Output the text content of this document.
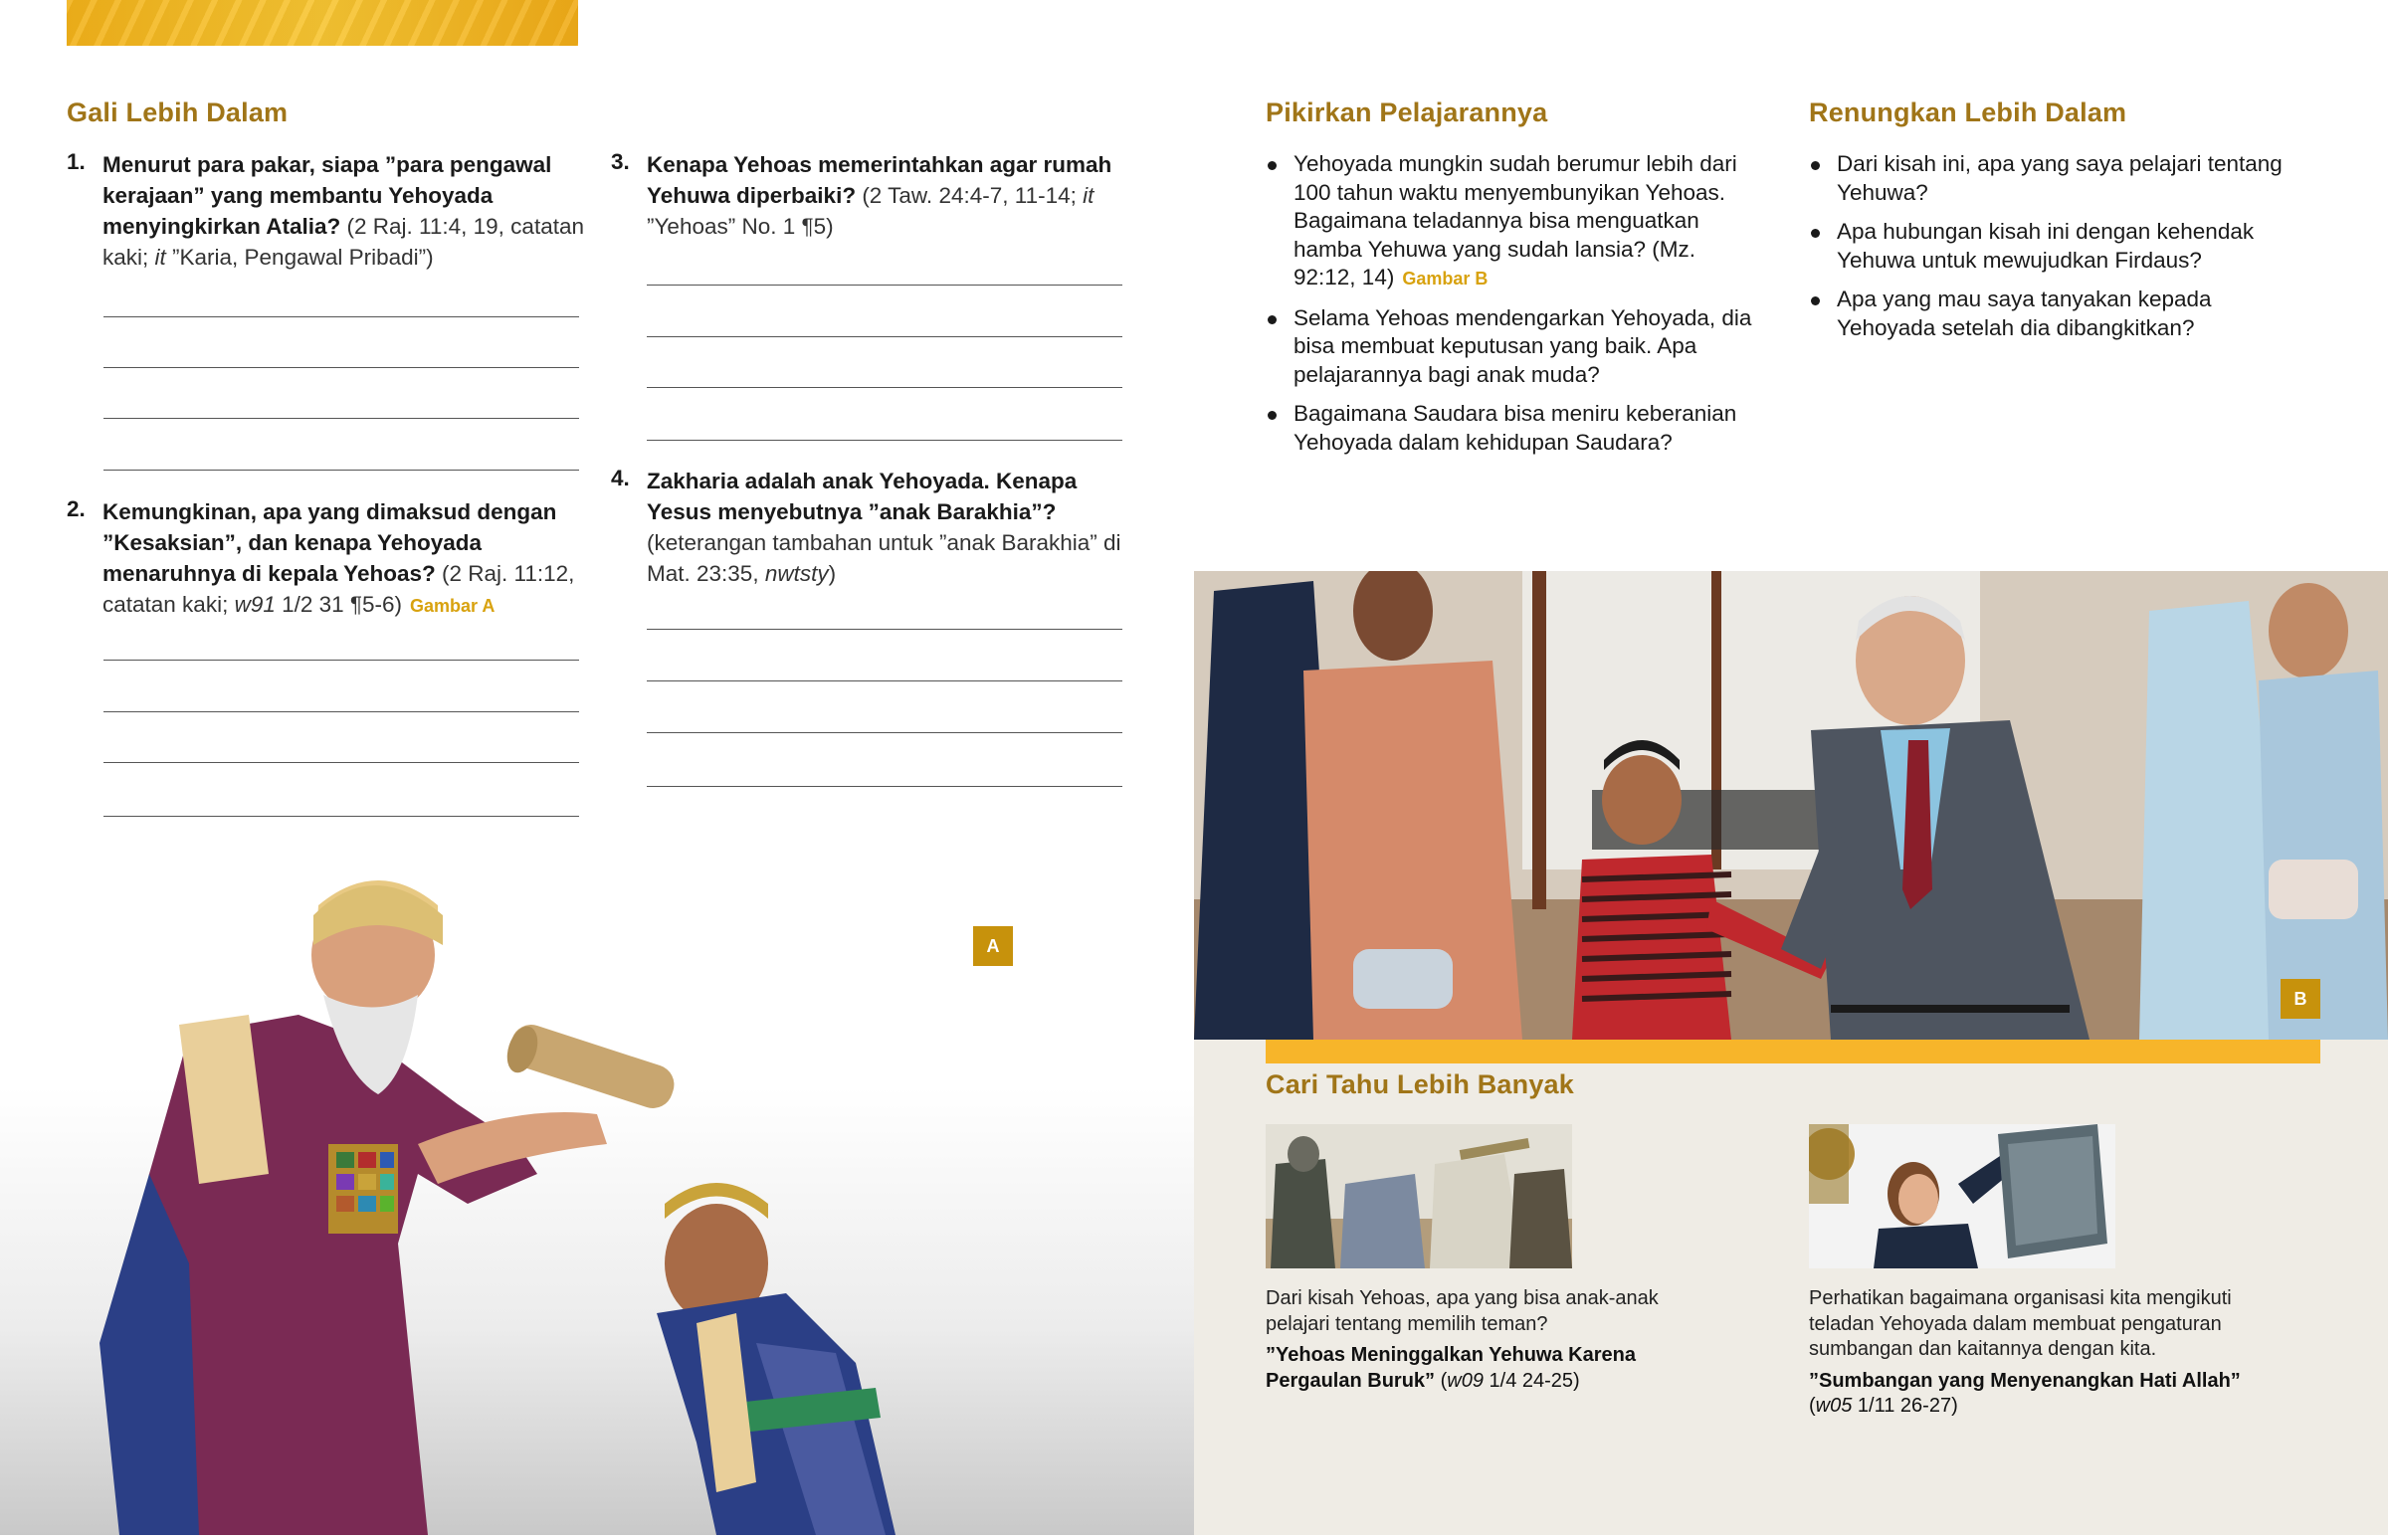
Gali Lebih Dalam
1. Menurut para pakar, siapa ”para pengawal kerajaan” yang membantu Yehoyada menyingkirkan Atalia? (2 Raj. 11:4, 19, catatan kaki; it ”Karia, Pengawal Pribadi”)
2. Kemungkinan, apa yang dimaksud dengan ”Kesaksian”, dan kenapa Yehoyada menaruhnya di kepala Yehoas? (2 Raj. 11:12, catatan kaki; w91 1/2 31 ¶5-6) Gambar A
3. Kenapa Yehoas memerintahkan agar rumah Yehuwa diperbaiki? (2 Taw. 24:4-7, 11-14; it ”Yehoas” No. 1 ¶5)
4. Zakharia adalah anak Yehoyada. Kenapa Yesus menyebutnya ”anak Barakhia”? (keterangan tambahan untuk ”anak Barakhia” di Mat. 23:35, nwtsty)
A
Pikirkan Pelajarannya
Yehoyada mungkin sudah berumur lebih dari 100 tahun waktu menyembunyikan Yehoas. Bagaimana teladannya bisa menguatkan hamba Yehuwa yang sudah lansia? (Mz. 92:12, 14) Gambar B
Selama Yehoas mendengarkan Yehoyada, dia bisa membuat keputusan yang baik. Apa pelajarannya bagi anak muda?
Bagaimana Saudara bisa meniru keberanian Yehoyada dalam kehidupan Saudara?
Renungkan Lebih Dalam
Dari kisah ini, apa yang saya pelajari tentang Yehuwa?
Apa hubungan kisah ini dengan kehendak Yehuwa untuk mewujudkan Firdaus?
Apa yang mau saya tanyakan kepada Yehoyada setelah dia dibangkitkan?
B
Cari Tahu Lebih Banyak
Dari kisah Yehoas, apa yang bisa anak-anak pelajari tentang memilih teman?
”Yehoas Meninggalkan Yehuwa Karena Pergaulan Buruk” (w09 1/4 24-25)
Perhatikan bagaimana organisasi kita mengikuti teladan Yehoyada dalam membuat pengaturan sumbangan dan kaitannya dengan kita.
”Sumbangan yang Menyenangkan Hati Allah”
(w05 1/11 26-27)
